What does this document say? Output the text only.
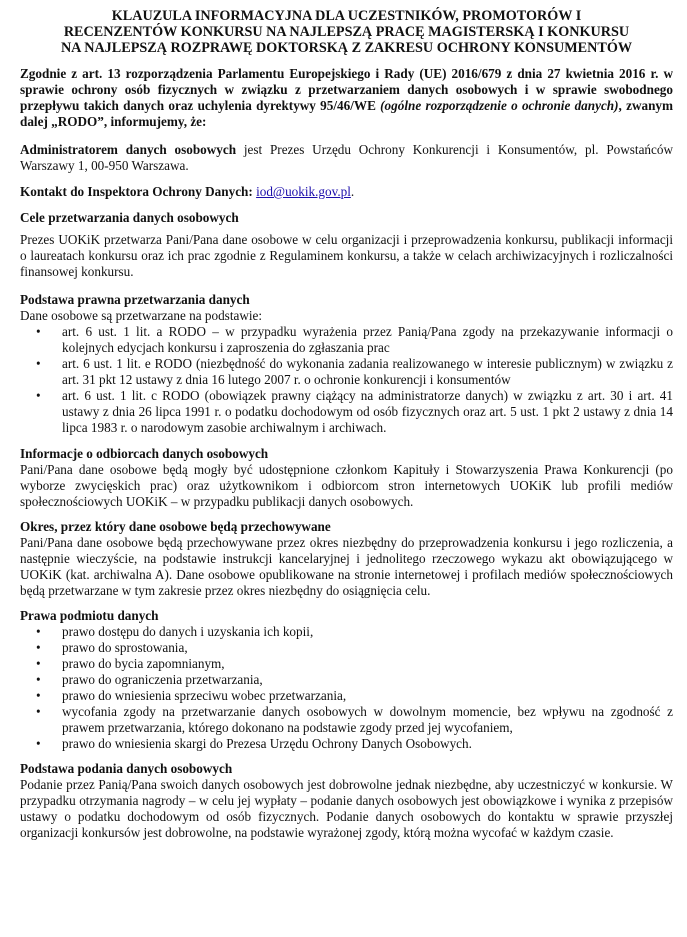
KLAUZULA INFORMACYJNA DLA UCZESTNIKÓW, PROMOTORÓW I
RECENZENTÓW KONKURSU NA NAJLEPSZĄ PRACĘ MAGISTERSKĄ I KONKURSU
NA NAJLEPSZĄ ROZPRAWĘ DOKTORSKĄ Z ZAKRESU OCHRONY KONSUMENTÓW

Zgodnie z art. 13 rozporządzenia Parlamentu Europejskiego i Rady (UE) 2016/679 z dnia 27 kwietnia 2016 r. w sprawie ochrony osób fizycznych w związku z przetwarzaniem danych osobowych i w sprawie swobodnego przepływu takich danych oraz uchylenia dyrektywy 95/46/WE (ogólne rozporządzenie o ochronie danych), zwanym dalej „RODO”, informujemy, że:

Administratorem danych osobowych jest Prezes Urzędu Ochrony Konkurencji i Konsumentów, pl. Powstańców Warszawy 1, 00-950 Warszawa.

Kontakt do Inspektora Ochrony Danych: iod@uokik.gov.pl.

Cele przetwarzania danych osobowych

Prezes UOKiK przetwarza Pani/Pana dane osobowe w celu organizacji i przeprowadzenia konkursu, publikacji informacji o laureatach konkursu oraz ich prac zgodnie z Regulaminem konkursu, a także w celach archiwizacyjnych i rozliczalności finansowej konkursu.

Podstawa prawna przetwarzania danych

Dane osobowe są przetwarzane na podstawie:

• art. 6 ust. 1 lit. a RODO – w przypadku wyrażenia przez Panią/Pana zgody na przekazywanie informacji o kolejnych edycjach konkursu i zaproszenia do zgłaszania prac
• art. 6 ust. 1 lit. e RODO (niezbędność do wykonania zadania realizowanego w interesie publicznym) w związku z art. 31 pkt 12 ustawy z dnia 16 lutego 2007 r. o ochronie konkurencji i konsumentów
• art. 6 ust. 1 lit. c RODO (obowiązek prawny ciążący na administratorze danych) w związku z art. 30 i art. 41 ustawy z dnia 26 lipca 1991 r. o podatku dochodowym od osób fizycznych oraz art. 5 ust. 1 pkt 2 ustawy z dnia 14 lipca 1983 r. o narodowym zasobie archiwalnym i archiwach.
Informacje o odbiorcach danych osobowych

Pani/Pana dane osobowe będą mogły być udostępnione członkom Kapituły i Stowarzyszenia Prawa Konkurencji (po wyborze zwycięskich prac) oraz użytkownikom i odbiorcom stron internetowych UOKiK lub profili mediów społecznościowych UOKiK – w przypadku publikacji danych osobowych.

Okres, przez który dane osobowe będą przechowywane

Pani/Pana dane osobowe będą przechowywane przez okres niezbędny do przeprowadzenia konkursu i jego rozliczenia, a następnie wieczyście, na podstawie instrukcji kancelaryjnej i jednolitego rzeczowego wykazu akt obowiązującego w UOKiK (kat. archiwalna A). Dane osobowe opublikowane na stronie internetowej i profilach mediów społecznościowych będą przetwarzane w tym zakresie przez okres niezbędny do osiągnięcia celu.

Prawa podmiotu danych
• prawo dostępu do danych i uzyskania ich kopii,
• prawo do sprostowania,
• prawo do bycia zapomnianym,
• prawo do ograniczenia przetwarzania,
• prawo do wniesienia sprzeciwu wobec przetwarzania,
• wycofania zgody na przetwarzanie danych osobowych w dowolnym momencie, bez wpływu na zgodność z prawem przetwarzania, którego dokonano na podstawie zgody przed jej wycofaniem,
• prawo do wniesienia skargi do Prezesa Urzędu Ochrony Danych Osobowych.
Podstawa podania danych osobowych

Podanie przez Panią/Pana swoich danych osobowych jest dobrowolne jednak niezbędne, aby uczestniczyć w konkursie. W przypadku otrzymania nagrody – w celu jej wypłaty – podanie danych osobowych jest obowiązkowe i wynika z przepisów ustawy o podatku dochodowym od osób fizycznych. Podanie danych osobowych do kontaktu w sprawie przyszłej organizacji konkursów jest dobrowolne, na podstawie wyrażonej zgody, którą można wycofać w każdym czasie.
